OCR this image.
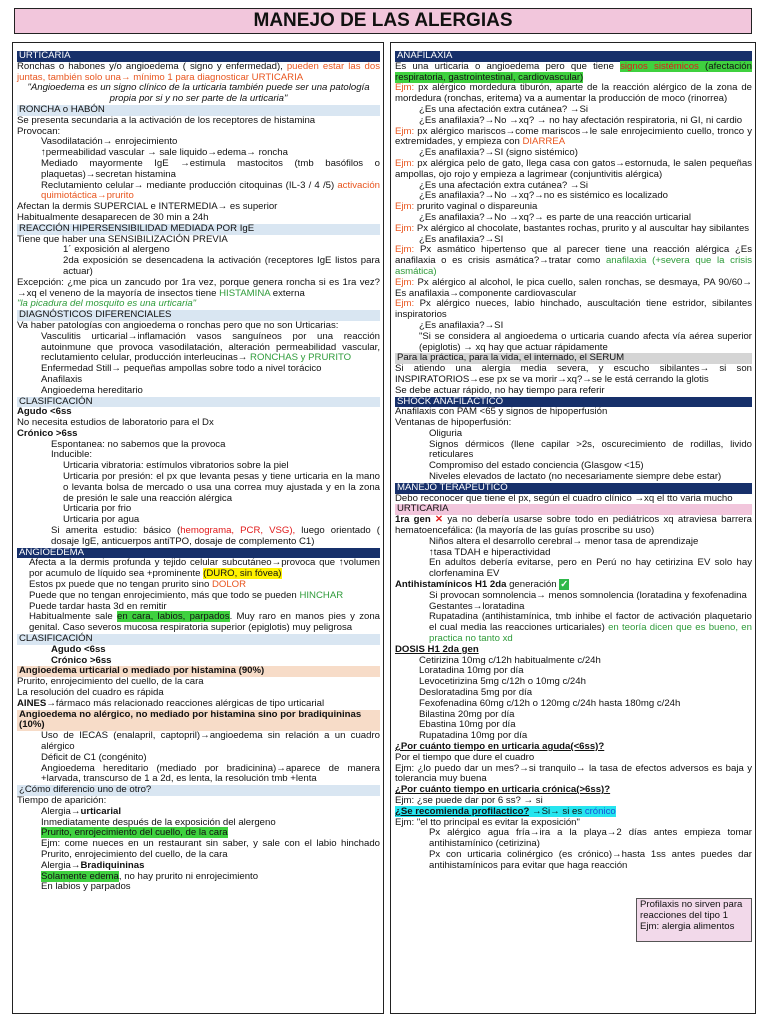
MANEJO DE LAS ALERGIAS

URTICARIA

Ronchas o habones y/o angioedema ( signo y enfermedad), pueden estar las dos juntas, también solo una→ mínimo 1 para diagnosticar URTICARIA

"Angioedema es un signo clínico de la urticaria también puede ser una patología propia por si y no ser parte de la urticaria"

RONCHA o HABÓN

Se presenta secundaria a la activación de los receptores de histamina

Provocan:

- Vasodilatación→ enrojecimiento

- ↑permeabilidad vascular → sale liquido→edema→ roncha

- Mediado mayormente IgE →estimula mastocitos (tmb basófilos o plaquetas)→secretan histamina

- Reclutamiento celular→ mediante producción citoquinas (IL-3 / 4 /5) activación quimiotáctica→prurito

Afectan la dermis SUPERCIAL e INTERMEDIA→ es superior

Habitualmente desaparecen de 30 min a 24h

REACCIÓN HIPERSENSIBILIDAD MEDIADA POR IgE

Tiene que haber una SENSIBILIZACIÓN PREVIA

▪ 1´ exposición al alergeno

▪ 2da exposición se desencadena la activación (receptores IgE listos para actuar)

Excepción: ¿me pica un zancudo por 1ra vez, porque genera roncha si es 1ra vez?→xq el veneno de la mayoría de insectos tiene HISTAMINA externa

"la picadura del mosquito es una urticaria"

DIAGNÓSTICOS DIFERENCIALES

Va haber patologías con angioedema o ronchas pero que no son Urticarias:

▪ Vasculitis urticarial→inflamación vasos sanguíneos por una reacción autoinmune que provoca vasodilatación, alteración permeabilidad vascular, reclutamiento celular, producción interleucinas→ RONCHAS y PRURITO

▪ Enfermedad Still→ pequeñas ampollas sobre todo a nivel torácico

▪ Anafilaxis

▪ Angioedema hereditario

CLASIFICACIÓN

Agudo <6ss

No necesita estudios de laboratorio para el Dx

Crónico >6ss

▪ Espontanea: no sabemos que la provoca

▪ Inducible:

o Urticaria vibratoria: estímulos vibratorios sobre la piel

o Urticaria por presión: el px que levanta pesas y tiene urticaria en la mano o levanta bolsa de mercado o usa una correa muy ajustada y en la zona de presión le sale una reacción alérgica

o Urticaria por frio

o Urticaria por agua

▪ Si amerita estudio: básico (hemograma, PCR, VSG), luego orientado ( dosaje IgE, anticuerpos antiTPO, dosaje de complemento C1)

ANGIOEDEMA

▪ Afecta a la dermis profunda y tejido celular subcutáneo→provoca que ↑volumen por acumulo de líquido sea +prominente (DURO, sin fóvea)

▪ Estos px puede que no tengan prurito sino DOLOR

▪ Puede que no tengan enrojecimiento, más que todo se pueden HINCHAR

▪ Puede tardar hasta 3d en remitir

▪ Habitualmente sale en cara, labios, parpados. Muy raro en manos pies y zona genital. Caso severos mucosa respiratoria superior (epiglotis) muy peligrosa

CLASIFICACIÓN

▪ Agudo <6ss

▪ Crónico >6ss

Angioedema urticarial o mediado por histamina (90%)

Prurito, enrojecimiento del cuello, de la cara

La resolución del cuadro es rápida

AINES→fármaco más relacionado reacciones alérgicas de tipo urticarial

Angioedema no alérgico, no mediado por histamina sino por bradiquininas (10%)

▪ Uso de IECAS (enalapril, captopril)→angioedema sin relación a un cuadro alérgico

▪ Déficit de C1 (congénito)

▪ Angioedema hereditario (mediado por bradicinina)→aparece de manera +larvada, transcurso de 1 a 2d, es lenta, la resolución tmb +lenta

¿Cómo diferencio uno de otro?

Tiempo de aparición:

▪ Alergia→urticarial

Inmediatamente después de la exposición del alergeno

Prurito, enrojecimiento del cuello, de la cara

Ejm: come nueces en un restaurant sin saber, y sale con el labio hinchado Prurito, enrojecimiento del cuello, de la cara

▪ Alergia→Bradiquininas

Solamente edema, no hay prurito ni enrojecimiento

En labios y parpados

ANAFILAXIA

Es una urticaria o angioedema pero que tiene signos sistémicos (afectación respiratoria, gastrointestinal, cardiovascular)

Ejm: px alérgico mordedura tiburón, aparte de la reacción alérgico de la zona de mordedura (ronchas, eritema) va a aumentar la producción de moco (rinorrea)

▪ ¿Es una afectación extra cutánea? →Si

▪ ¿Es anafilaxia?→No →xq? → no hay afectación respiratoria, ni GI, ni cardio

Ejm: px alérgico mariscos→come mariscos→le sale enrojecimiento cuello, tronco y extremidades, y empieza con DIARREA

▪ ¿Es anafilaxia?→SI (signo sistémico)

Ejm: px alérgica pelo de gato, llega casa con gatos→estornuda, le salen pequeñas ampollas, ojo rojo y empieza a lagrimear (conjuntivitis alérgica)

▪ ¿Es una afectación extra cutánea? →Si

▪ ¿Es anafilaxia?→No →xq?→no es sistémico es localizado

Ejm: prurito vaginal o dispareunia

▪ ¿Es anafilaxia?→No →xq?→ es parte de una reacción urticarial

Ejm: Px alérgico al chocolate, bastantes rochas, prurito y al auscultar hay sibilantes

▪ ¿Es anafilaxia?→SI

Ejm: Px asmático hipertenso que al parecer tiene una reacción alérgica ¿Es anafilaxia o es crisis asmática?→tratar como anafilaxia (+severa que la crisis asmática)

Ejm: Px alérgico al alcohol, le pica cuello, salen ronchas, se desmaya, PA 90/60→ Es anafilaxia→componente cardiovascular

Ejm: Px alérgico nueces, labio hinchado, auscultación tiene estridor, sibilantes inspiratorios

▪ ¿Es anafilaxia?→SI

▪ "Si se considera al angioedema o urticaria cuando afecta vía aérea superior (epiglotis) → xq hay que actuar rápidamente

Para la práctica, para la vida, el internado, el SERUM

Si atiendo una alergia media severa, y escucho sibilantes→ si son INSPIRATORIOS→ese px se va morir→xq?→se le está cerrando la glotis

Se debe actuar rápido, no hay tiempo para referir

SHOCK ANAFILACTICO

Anafilaxis con PAM <65 y signos de hipoperfusión

Ventanas de hipoperfusión:

1. Oliguria

2. Signos dérmicos (llene capilar >2s, oscurecimiento de rodillas, livido reticulares

3. Compromiso del estado conciencia (Glasgow <15)

4. Niveles elevados de lactato (no necesariamente siempre debe estar)

MANEJO TERAPEUTICO

Debo reconocer que tiene el px, según el cuadro clínico →xq el tto varia mucho

URTICARIA

1ra gen ✕ ya no debería usarse sobre todo en pediátricos xq atraviesa barrera hematoencefálica: (la mayoría de las guías proscribe su uso)

▪ Niños altera el desarrollo cerebral→ menor tasa de aprendizaje

▪ ↑tasa TDAH e hiperactividad

▪ En adultos debería evitarse, pero en Perú no hay cetirizina EV solo hay clorfenamina EV

Antihistamínicos H1 2da generación ✓

▪ Si provocan somnolencia→ menos somnolencia (loratadina y fexofenadina

▪ Gestantes→loratadina

▪ Rupatadina (antihistamínica, tmb inhibe el factor de activación plaquetario el cual media las reacciones urticariales) en teoría dicen que es bueno, en practica no tanto xd

DOSIS H1 2da gen

▪ Cetirizina 10mg c/12h habitualmente c/24h

▪ Loratadina 10mg por día

▪ Levocetirizina 5mg c/12h o 10mg c/24h

▪ Desloratadina 5mg por día

▪ Fexofenadina 60mg c/12h o 120mg c/24h hasta 180mg c/24h

▪ Bilastina 20mg por día

▪ Ebastina 10mg por día

▪ Rupatadina 10mg por día

¿Por cuánto tiempo en urticaria aguda(<6ss)?

Por el tiempo que dure el cuadro

Ejm: ¿lo puedo dar un mes?→si tranquilo→ la tasa de efectos adversos es baja y tolerancia muy buena

¿Por cuánto tiempo en urticaria crónica(>6ss)?

Ejm: ¿se puede dar por 6 ss? → si

¿Se recomienda profilactico? →Si→ si es crónico

Ejm: "el tto principal es evitar la exposición"

➢ Px alérgico agua fría→ira a la playa→2 días antes empieza tomar antihistamínico (cetirizina)

➢ Px con urticaria colinérgico (es crónico)→hasta 1ss antes puedes dar antihistamínicos para evitar que haga reacción

Profilaxis no sirven para reacciones del tipo 1
Ejm: alergia alimentos
